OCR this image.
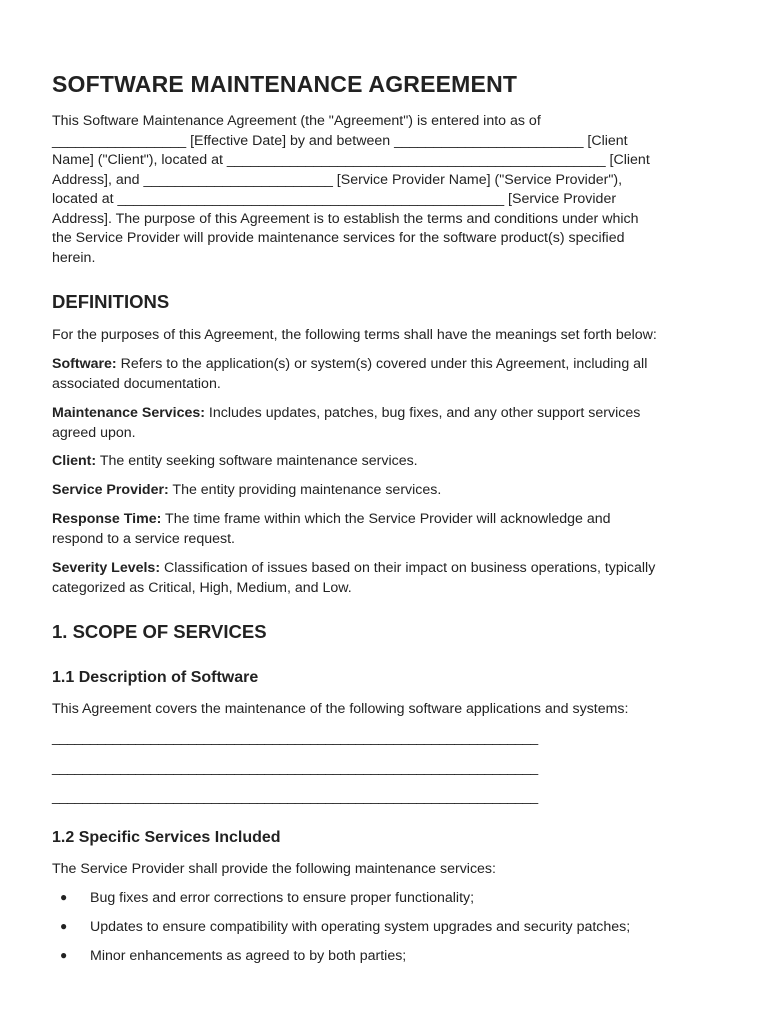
SOFTWARE MAINTENANCE AGREEMENT

This Software Maintenance Agreement (the "Agreement") is entered into as of
_________________ [Effective Date] by and between ________________________ [Client
Name] ("Client"), located at ________________________________________________ [Client
Address], and ________________________ [Service Provider Name] ("Service Provider"),
located at _________________________________________________ [Service Provider
Address]. The purpose of this Agreement is to establish the terms and conditions under which
the Service Provider will provide maintenance services for the software product(s) specified
herein.

DEFINITIONS

For the purposes of this Agreement, the following terms shall have the meanings set forth below:

Software: Refers to the application(s) or system(s) covered under this Agreement, including all
associated documentation.

Maintenance Services: Includes updates, patches, bug fixes, and any other support services
agreed upon.

Client: The entity seeking software maintenance services.

Service Provider: The entity providing maintenance services.

Response Time: The time frame within which the Service Provider will acknowledge and
respond to a service request.

Severity Levels: Classification of issues based on their impact on business operations, typically
categorized as Critical, High, Medium, and Low.

1. SCOPE OF SERVICES
1.1 Description of Software

This Agreement covers the maintenance of the following software applications and systems:

________________________________________________________________
________________________________________________________________
________________________________________________________________
1.2 Specific Services Included

The Service Provider shall provide the following maintenance services:

● Bug fixes and error corrections to ensure proper functionality;
● Updates to ensure compatibility with operating system upgrades and security patches;
● Minor enhancements as agreed to by both parties;
